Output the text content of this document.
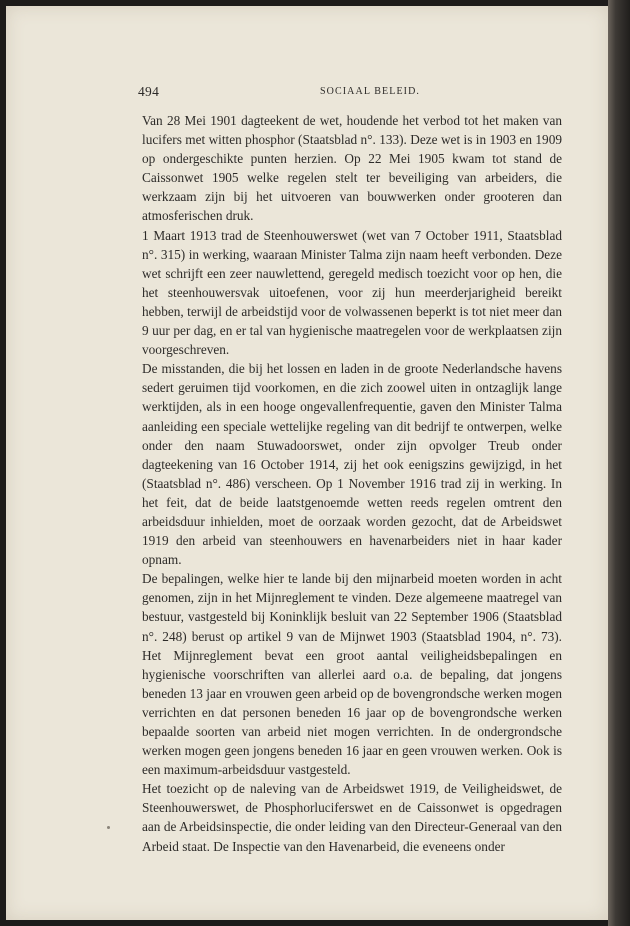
494	SOCIAAL BELEID.

Van 28 Mei 1901 dagteekent de wet, houdende het verbod tot het maken van lucifers met witten phosphor (Staatsblad n°. 133). Deze wet is in 1903 en 1909 op ondergeschikte punten herzien. Op 22 Mei 1905 kwam tot stand de Caissonwet 1905 welke regelen stelt ter beveiliging van arbeiders, die werkzaam zijn bij het uitvoeren van bouwwerken onder grooteren dan atmosferischen druk.

1 Maart 1913 trad de Steenhouwerswet (wet van 7 October 1911, Staatsblad n°. 315) in werking, waaraan Minister Talma zijn naam heeft verbonden. Deze wet schrijft een zeer nauwlettend, geregeld medisch toezicht voor op hen, die het steenhouwersvak uitoefenen, voor zij hun meerderjarigheid bereikt hebben, terwijl de arbeidstijd voor de volwassenen beperkt is tot niet meer dan 9 uur per dag, en er tal van hygienische maatregelen voor de werkplaatsen zijn voorgeschreven.

De misstanden, die bij het lossen en laden in de groote Nederlandsche havens sedert geruimen tijd voorkomen, en die zich zoowel uiten in ontzaglijk lange werktijden, als in een hooge ongevallenfrequentie, gaven den Minister Talma aanleiding een speciale wettelijke regeling van dit bedrijf te ontwerpen, welke onder den naam Stuwadoorswet, onder zijn opvolger Treub onder dagteekening van 16 October 1914, zij het ook eenigszins gewijzigd, in het (Staatsblad n°. 486) verscheen. Op 1 November 1916 trad zij in werking. In het feit, dat de beide laatstgenoemde wetten reeds regelen omtrent den arbeidsduur inhielden, moet de oorzaak worden gezocht, dat de Arbeidswet 1919 den arbeid van steenhouwers en havenarbeiders niet in haar kader opnam.

De bepalingen, welke hier te lande bij den mijnarbeid moeten worden in acht genomen, zijn in het Mijnreglement te vinden. Deze algemeene maatregel van bestuur, vastgesteld bij Koninklijk besluit van 22 September 1906 (Staatsblad n°. 248) berust op artikel 9 van de Mijnwet 1903 (Staatsblad 1904, n°. 73). Het Mijnreglement bevat een groot aantal veiligheidsbepalingen en hygienische voorschriften van allerlei aard o.a. de bepaling, dat jongens beneden 13 jaar en vrouwen geen arbeid op de bovengrondsche werken mogen verrichten en dat personen beneden 16 jaar op de bovengrondsche werken bepaalde soorten van arbeid niet mogen verrichten. In de ondergrondsche werken mogen geen jongens beneden 16 jaar en geen vrouwen werken. Ook is een maximum-arbeidsduur vastgesteld.

Het toezicht op de naleving van de Arbeidswet 1919, de Veiligheidswet, de Steenhouwerswet, de Phosphorluciferswet en de Caissonwet is opgedragen aan de Arbeidsinspectie, die onder leiding van den Directeur-Generaal van den Arbeid staat. De Inspectie van den Havenarbeid, die eveneens onder
